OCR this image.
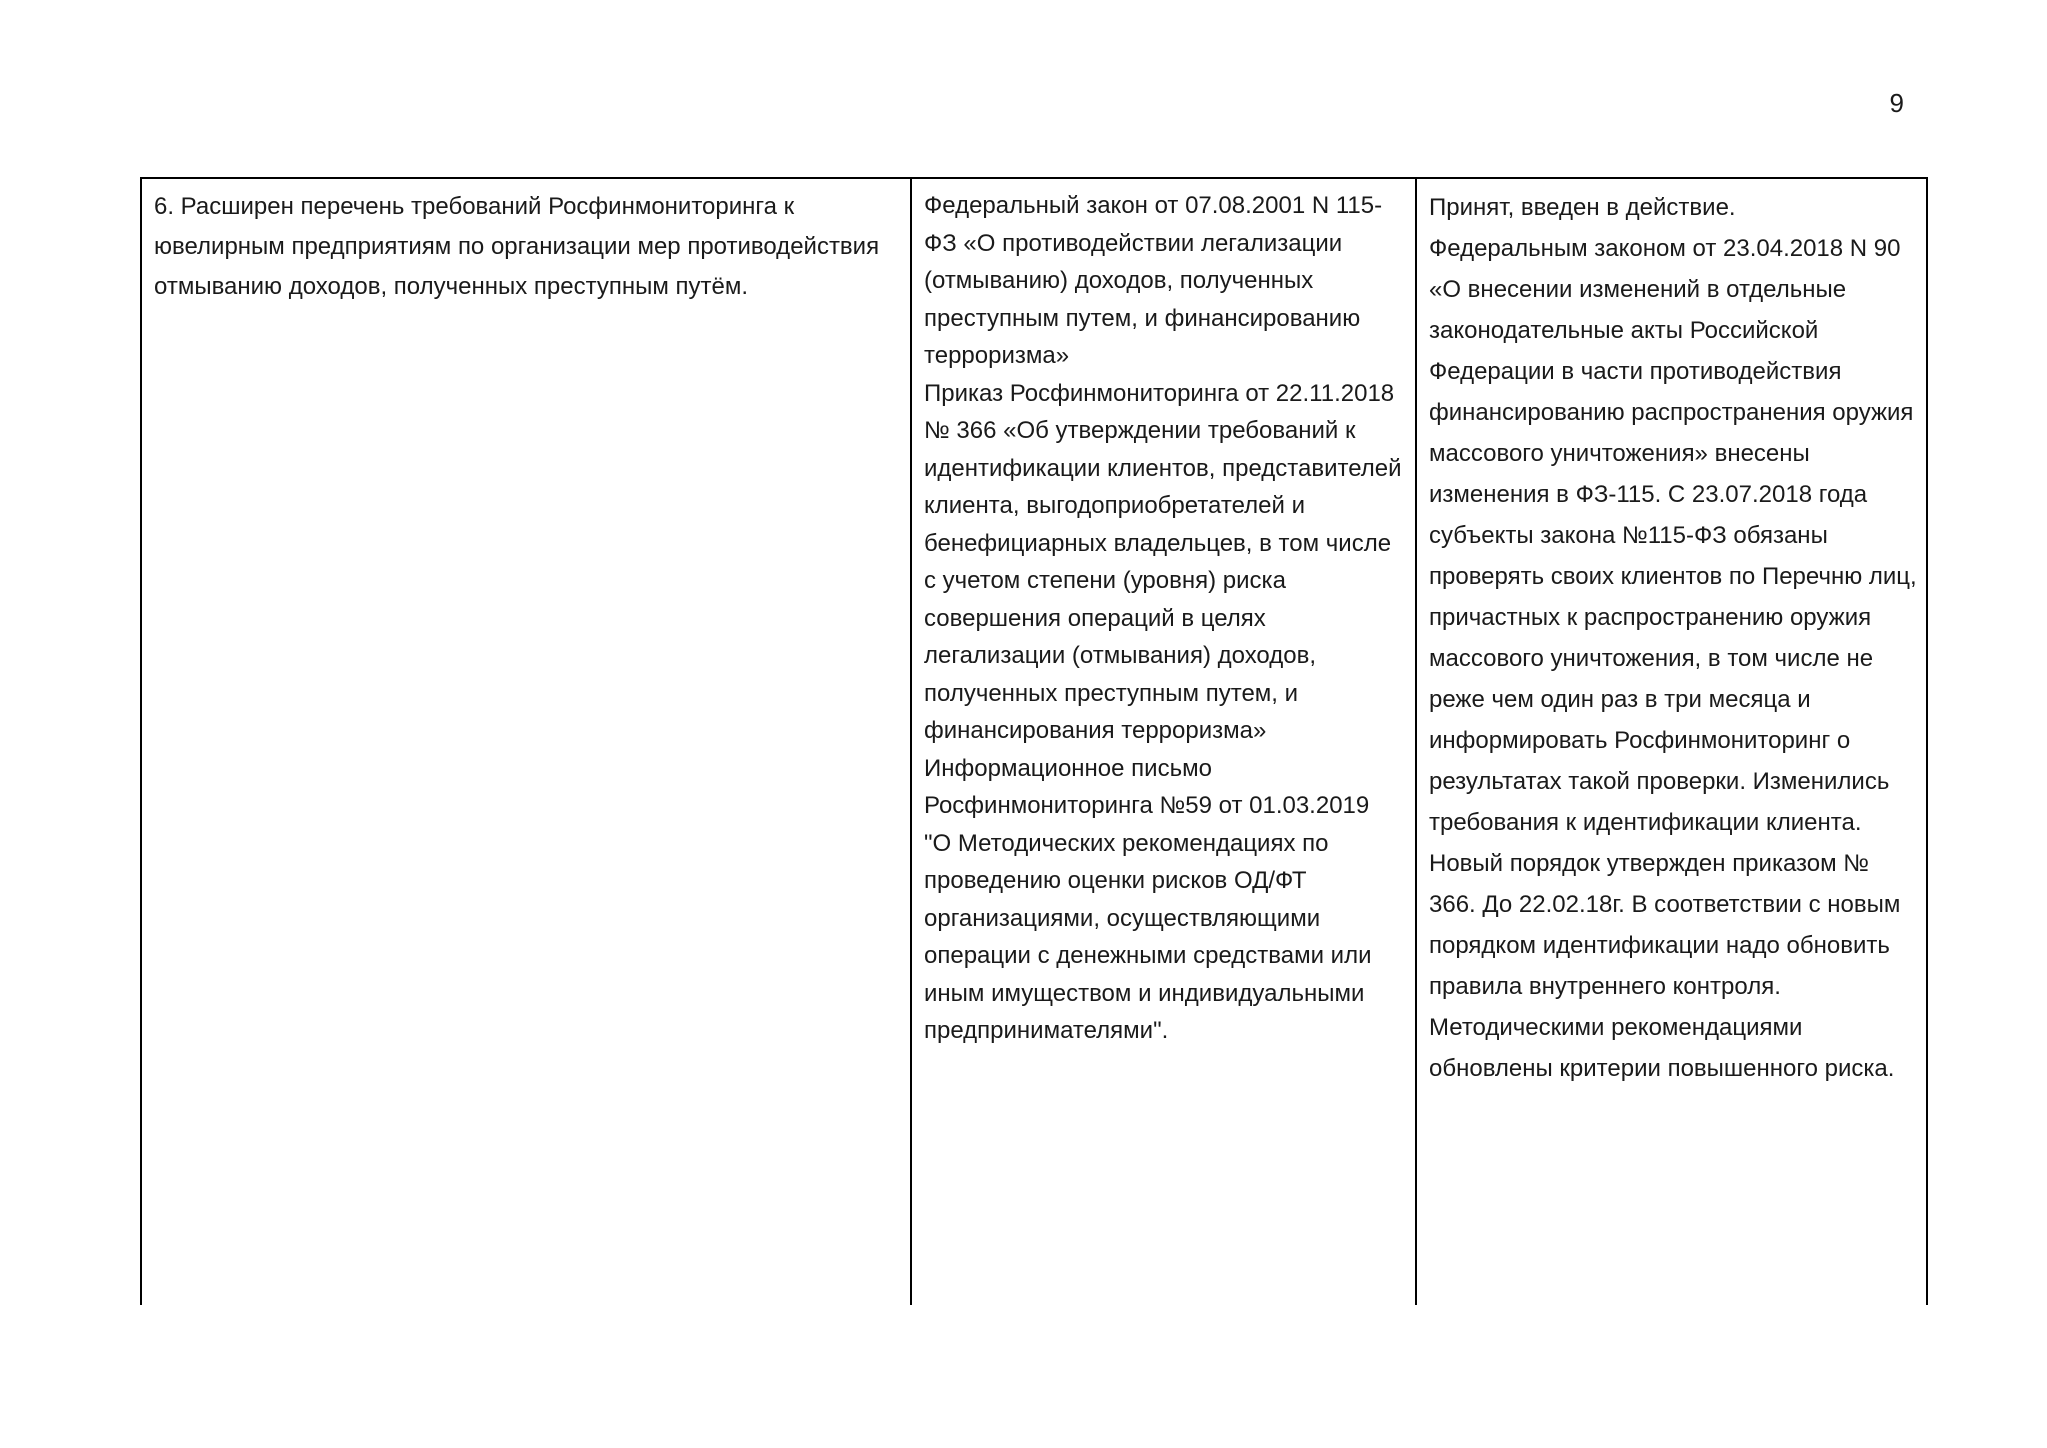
9
6. Расширен перечень требований Росфинмониторинга к ювелирным предприятиям по организации мер противодействия отмыванию доходов, полученных преступным путём.

Федеральный закон от 07.08.2001 N 115-ФЗ «О противодействии легализации (отмыванию) доходов, полученных преступным путем, и финансированию терроризма»

Приказ Росфинмониторинга от 22.11.2018 № 366 «Об утверждении требований к идентификации клиентов, представителей клиента, выгодоприобретателей и бенефициарных владельцев, в том числе с учетом степени (уровня) риска совершения операций в целях легализации (отмывания) доходов, полученных преступным путем, и финансирования терроризма»

Информационное письмо Росфинмониторинга №59 от 01.03.2019 "О Методических рекомендациях по проведению оценки рисков ОД/ФТ организациями, осуществляющими операции с денежными средствами или иным имуществом и индивидуальными предпринимателями".

Принят, введен в действие.

Федеральным законом от 23.04.2018 N 90

«О внесении изменений в отдельные законодательные акты Российской Федерации в части противодействия финансированию распространения оружия массового уничтожения» внесены изменения в ФЗ-115. С 23.07.2018 года субъекты закона №115-ФЗ обязаны проверять своих клиентов по Перечню лиц, причастных к распространению оружия массового уничтожения, в том числе не реже чем один раз в три месяца и информировать Росфинмониторинг о результатах такой проверки. Изменились требования к идентификации клиента. Новый порядок утвержден приказом № 366. До 22.02.18г. В соответствии с новым порядком идентификации надо обновить правила внутреннего контроля. Методическими рекомендациями обновлены критерии повышенного риска.
